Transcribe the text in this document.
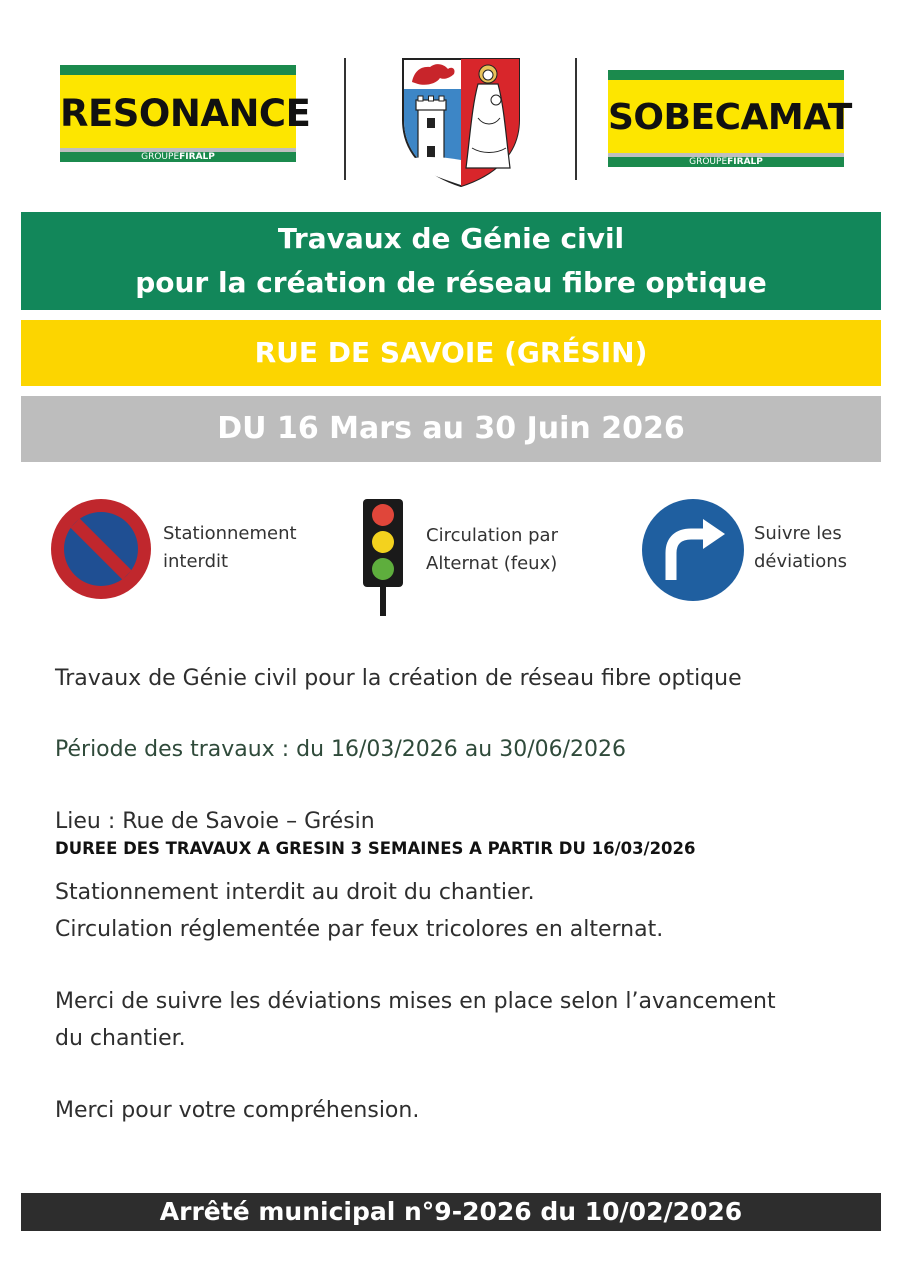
RESONANCE
GROUPEFIRALP
SOBECAMAT
GROUPEFIRALP
Travaux de Génie civil
pour la création de réseau fibre optique
RUE DE SAVOIE (GRÉSIN)
DU 16 Mars au 30 Juin 2026
Stationnement
interdit
Circulation par
Alternat (feux)
Suivre les
déviations
Travaux de Génie civil pour la création de réseau fibre optique
Période des travaux : du 16/03/2026 au 30/06/2026
Lieu : Rue de Savoie – Grésin
DUREE DES TRAVAUX A GRESIN 3 SEMAINES A PARTIR DU 16/03/2026
Stationnement interdit au droit du chantier.
Circulation réglementée par feux tricolores en alternat.
Merci de suivre les déviations mises en place selon l’avancement
du chantier.
Merci pour votre compréhension.
Arrêté municipal n°9-2026 du 10/02/2026
